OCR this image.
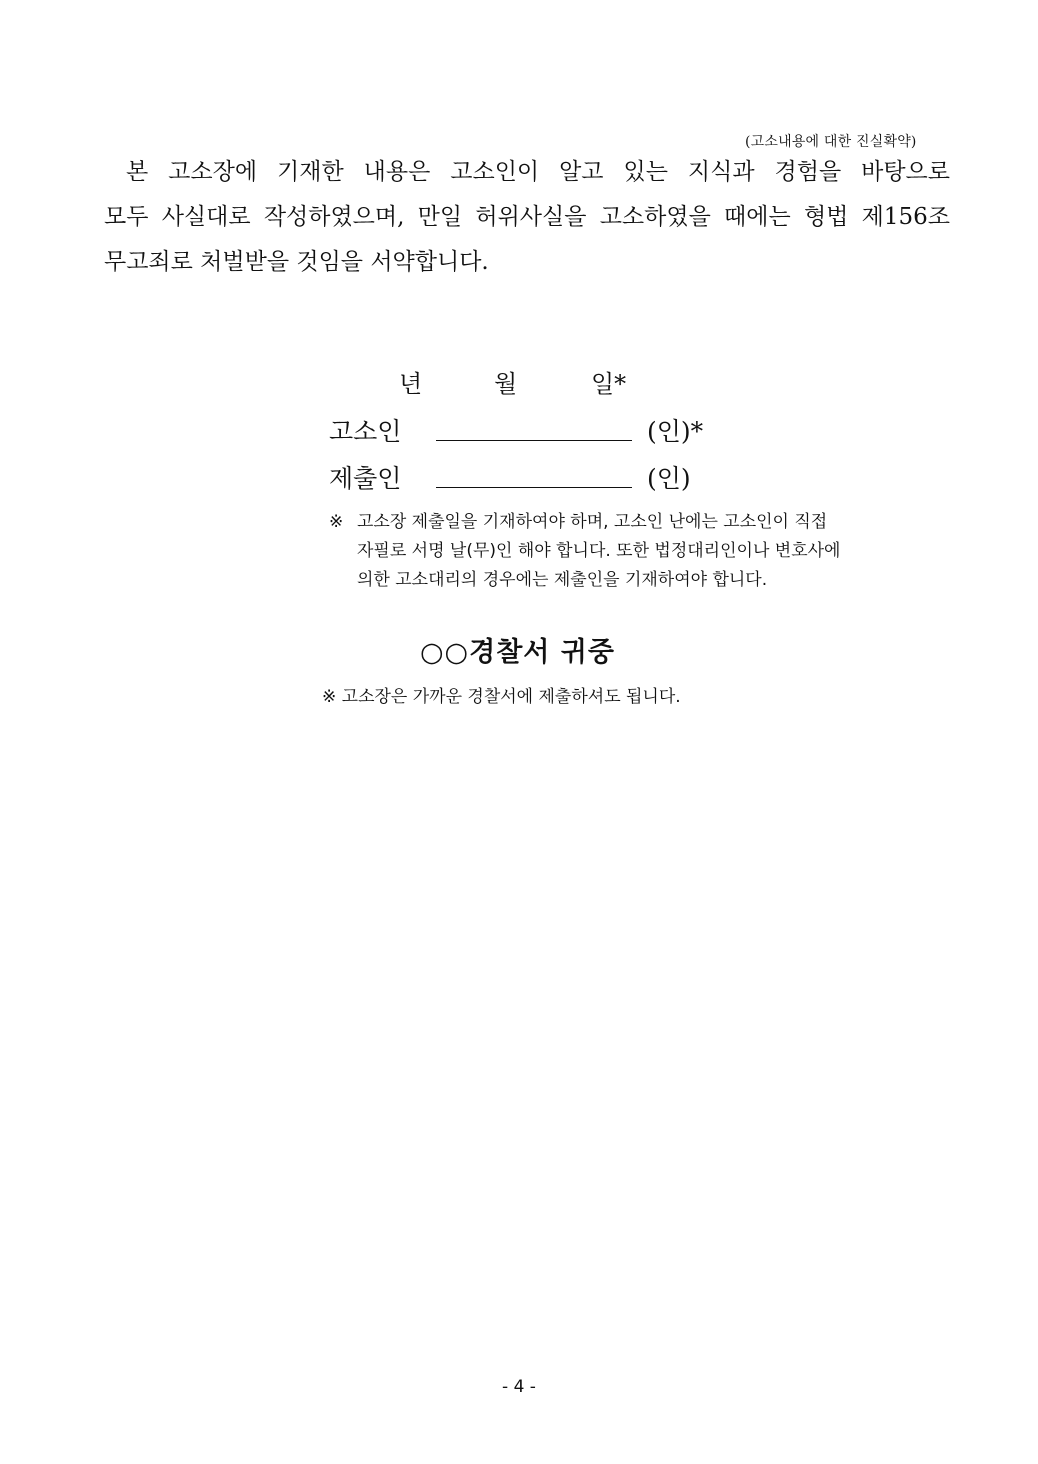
(고소내용에 대한 진실확약)

본 고소장에 기재한 내용은 고소인이 알고 있는 지식과 경험을 바탕으로
모두 사실대로 작성하였으며, 만일 허위사실을 고소하였을 때에는 형법 제156조
무고죄로 처벌받을 것임을 서약합니다.

년	월	일*
고소인	(인)*
제출인	(인)
※ 고소장 제출일을 기재하여야 하며, 고소인 난에는 고소인이 직접
자필로 서명 날(무)인 해야 합니다. 또한 법정대리인이나 변호사에
의한 고소대리의 경우에는 제출인을 기재하여야 합니다.
○○경찰서 귀중
※ 고소장은 가까운 경찰서에 제출하셔도 됩니다.
- 4 -
